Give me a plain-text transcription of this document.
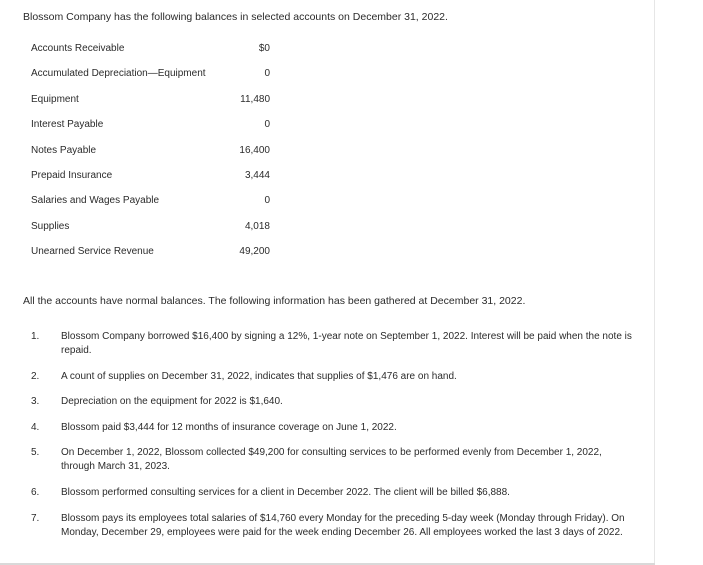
Blossom Company has the following balances in selected accounts on December 31, 2022.
Accounts Receivable	$0
Accumulated Depreciation—Equipment	0
Equipment	11,480
Interest Payable	0
Notes Payable	16,400
Prepaid Insurance	3,444
Salaries and Wages Payable	0
Supplies	4,018
Unearned Service Revenue	49,200
All the accounts have normal balances. The following information has been gathered at December 31, 2022.
1. Blossom Company borrowed $16,400 by signing a 12%, 1-year note on September 1, 2022. Interest will be paid when the note is repaid.
2. A count of supplies on December 31, 2022, indicates that supplies of $1,476 are on hand.
3. Depreciation on the equipment for 2022 is $1,640.
4. Blossom paid $3,444 for 12 months of insurance coverage on June 1, 2022.
5. On December 1, 2022, Blossom collected $49,200 for consulting services to be performed evenly from December 1, 2022, through March 31, 2023.
6. Blossom performed consulting services for a client in December 2022. The client will be billed $6,888.
7. Blossom pays its employees total salaries of $14,760 every Monday for the preceding 5-day week (Monday through Friday). On Monday, December 29, employees were paid for the week ending December 26. All employees worked the last 3 days of 2022.
